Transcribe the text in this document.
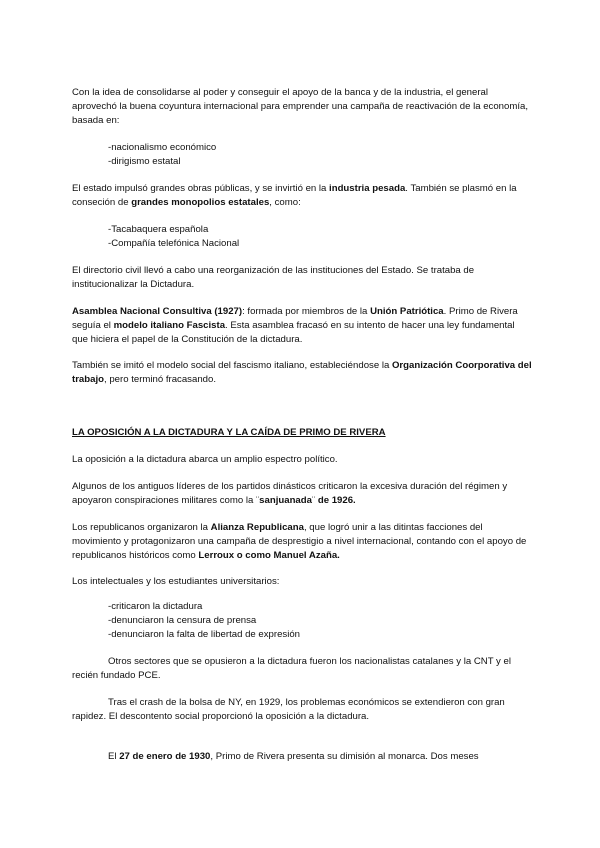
Con la idea de consolidarse al poder y conseguir el apoyo de la banca y de la industria, el general aprovechó la buena coyuntura internacional para emprender una campaña de reactivación de la economía, basada en:

-nacionalismo económico
-dirigismo estatal

El estado impulsó grandes obras públicas, y se invirtió en la industria pesada. También se plasmó en la conseción de grandes monopolios estatales, como:

-Tacabaquera española
-Compañía telefónica Nacional

El directorio civil llevó a cabo una reorganización de las instituciones del Estado. Se trataba de institucionalizar la Dictadura.

Asamblea Nacional Consultiva (1927): formada por miembros de la Unión Patriótica. Primo de Rivera seguía el modelo italiano Fascista. Esta asamblea fracasó en su intento de hacer una ley fundamental que hiciera el papel de la Constitución de la dictadura.

También se imitó el modelo social del fascismo italiano, estableciéndose la Organización Coorporativa del trabajo, pero terminó fracasando.

LA OPOSICIÓN A LA DICTADURA Y LA CAÍDA DE PRIMO DE RIVERA

La oposición a la dictadura abarca un amplio espectro político.

Algunos de los antiguos líderes de los partidos dinásticos criticaron la excesiva duración del régimen y apoyaron conspiraciones militares como la ¨sanjuanada¨ de 1926.

Los republicanos organizaron la Alianza Republicana, que logró unir a las ditintas facciones del movimiento y protagonizaron una campaña de desprestigio a nivel internacional, contando con el apoyo de republicanos históricos como Lerroux o como Manuel Azaña.

Los intelectuales y los estudiantes universitarios:

-criticaron la dictadura
-denunciaron la censura de prensa
-denunciaron la falta de libertad de expresión

Otros sectores que se opusieron a la dictadura fueron los nacionalistas catalanes y la CNT y el recién fundado PCE.

Tras el crash de la bolsa de NY, en 1929, los problemas económicos se extendieron con gran rapidez. El descontento social proporcionó la oposición a la dictadura.

El 27 de enero de 1930, Primo de Rivera presenta su dimisión al monarca. Dos meses
